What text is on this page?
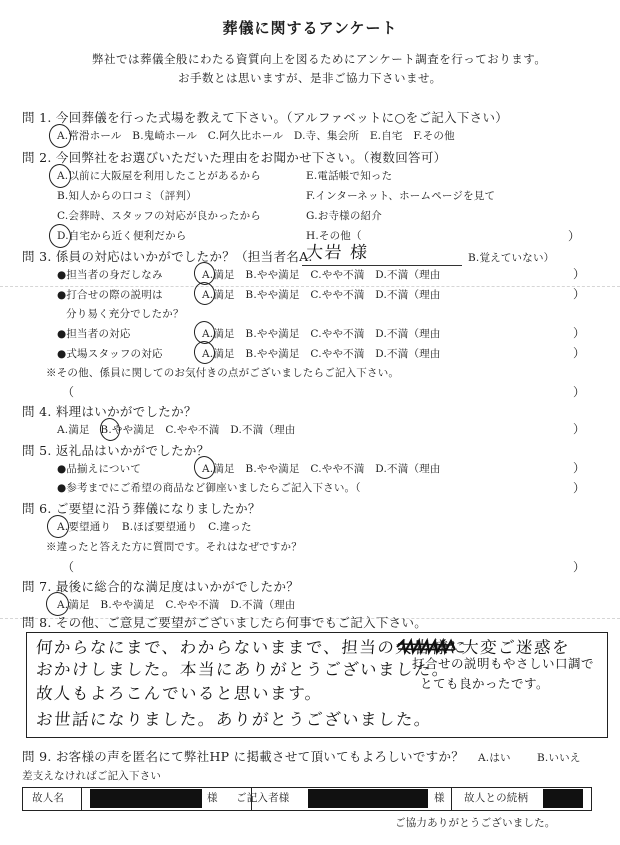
葬儀に関するアンケート
弊社では葬儀全般にわたる資質向上を図るためにアンケート調査を行っております。
お手数とは思いますが、是非ご協力下さいませ。
問 1. 今回葬儀を行った式場を教えて下さい。（アルファベットに○をご記入下さい）
A.常滑ホール　B.鬼崎ホール　C.阿久比ホール　D.寺、集会所　E.自宅　F.その他
問 2. 今回弊社をお選びいただいた理由をお聞かせ下さい。（複数回答可）
A.以前に大阪屋を利用したことがあるから	E.電話帳で知った
B.知人からの口コミ（評判）	F.インターネット、ホームページを見て
C.会葬時、スタッフの対応が良かったから	G.お寺様の紹介
D.自宅から近く便利だから	H.その他（	）
問 3. 係員の対応はいかがでしたか？（担当者名A.
大岩 様	B.覚えていない）
●担当者の身だしなみ	A.満足　B.やや満足　C.やや不満　D.不満（理由	）
●打合せの際の説明は	A.満足　B.やや満足　C.やや不満　D.不満（理由	）
分り易く充分でしたか？
●担当者の対応	A.満足　B.やや満足　C.やや不満　D.不満（理由	）
●式場スタッフの対応	A.満足　B.やや満足　C.やや不満　D.不満（理由	）
※その他、係員に関してのお気付きの点がございましたらご記入下さい。
（	）
問 4. 料理はいかがでしたか？
A.満足　B.やや満足　C.やや不満　D.不満（理由	）
問 5. 返礼品はいかがでしたか？
●品揃えについて	A.満足　B.やや満足　C.やや不満　D.不満（理由	）
●参考までにご希望の商品など御座いましたらご記入下さい。（	）
問 6. ご要望に沿う葬儀になりましたか？
A.要望通り　B.ほぼ要望通り　C.違った
※違ったと答えた方に質問です。それはなぜですか？
（	）
問 7. 最後に総合的な満足度はいかがでしたか？
A.満足　B.やや満足　C.やや不満　D.不満（理由
問 8. その他、ご意見ご要望がございましたら何事でもご記入下さい。
何からなにまで、わからないままで、担当の大岩様に
大変ご迷惑を
おかけしました。本当にありがとうございました。
打合せの説明もやさしい口調で
とても良かったです。
故人もよろこんでいると思います。
お世話になりました。ありがとうございました。
問 9. お客様の声を匿名にて弊社HP に掲載させて頂いてもよろしいですか？ A.はい	B.いいえ
差支えなければご記入下さい
故人名	様 ご記入者様	様 故人との続柄
ご協力ありがとうございました。
